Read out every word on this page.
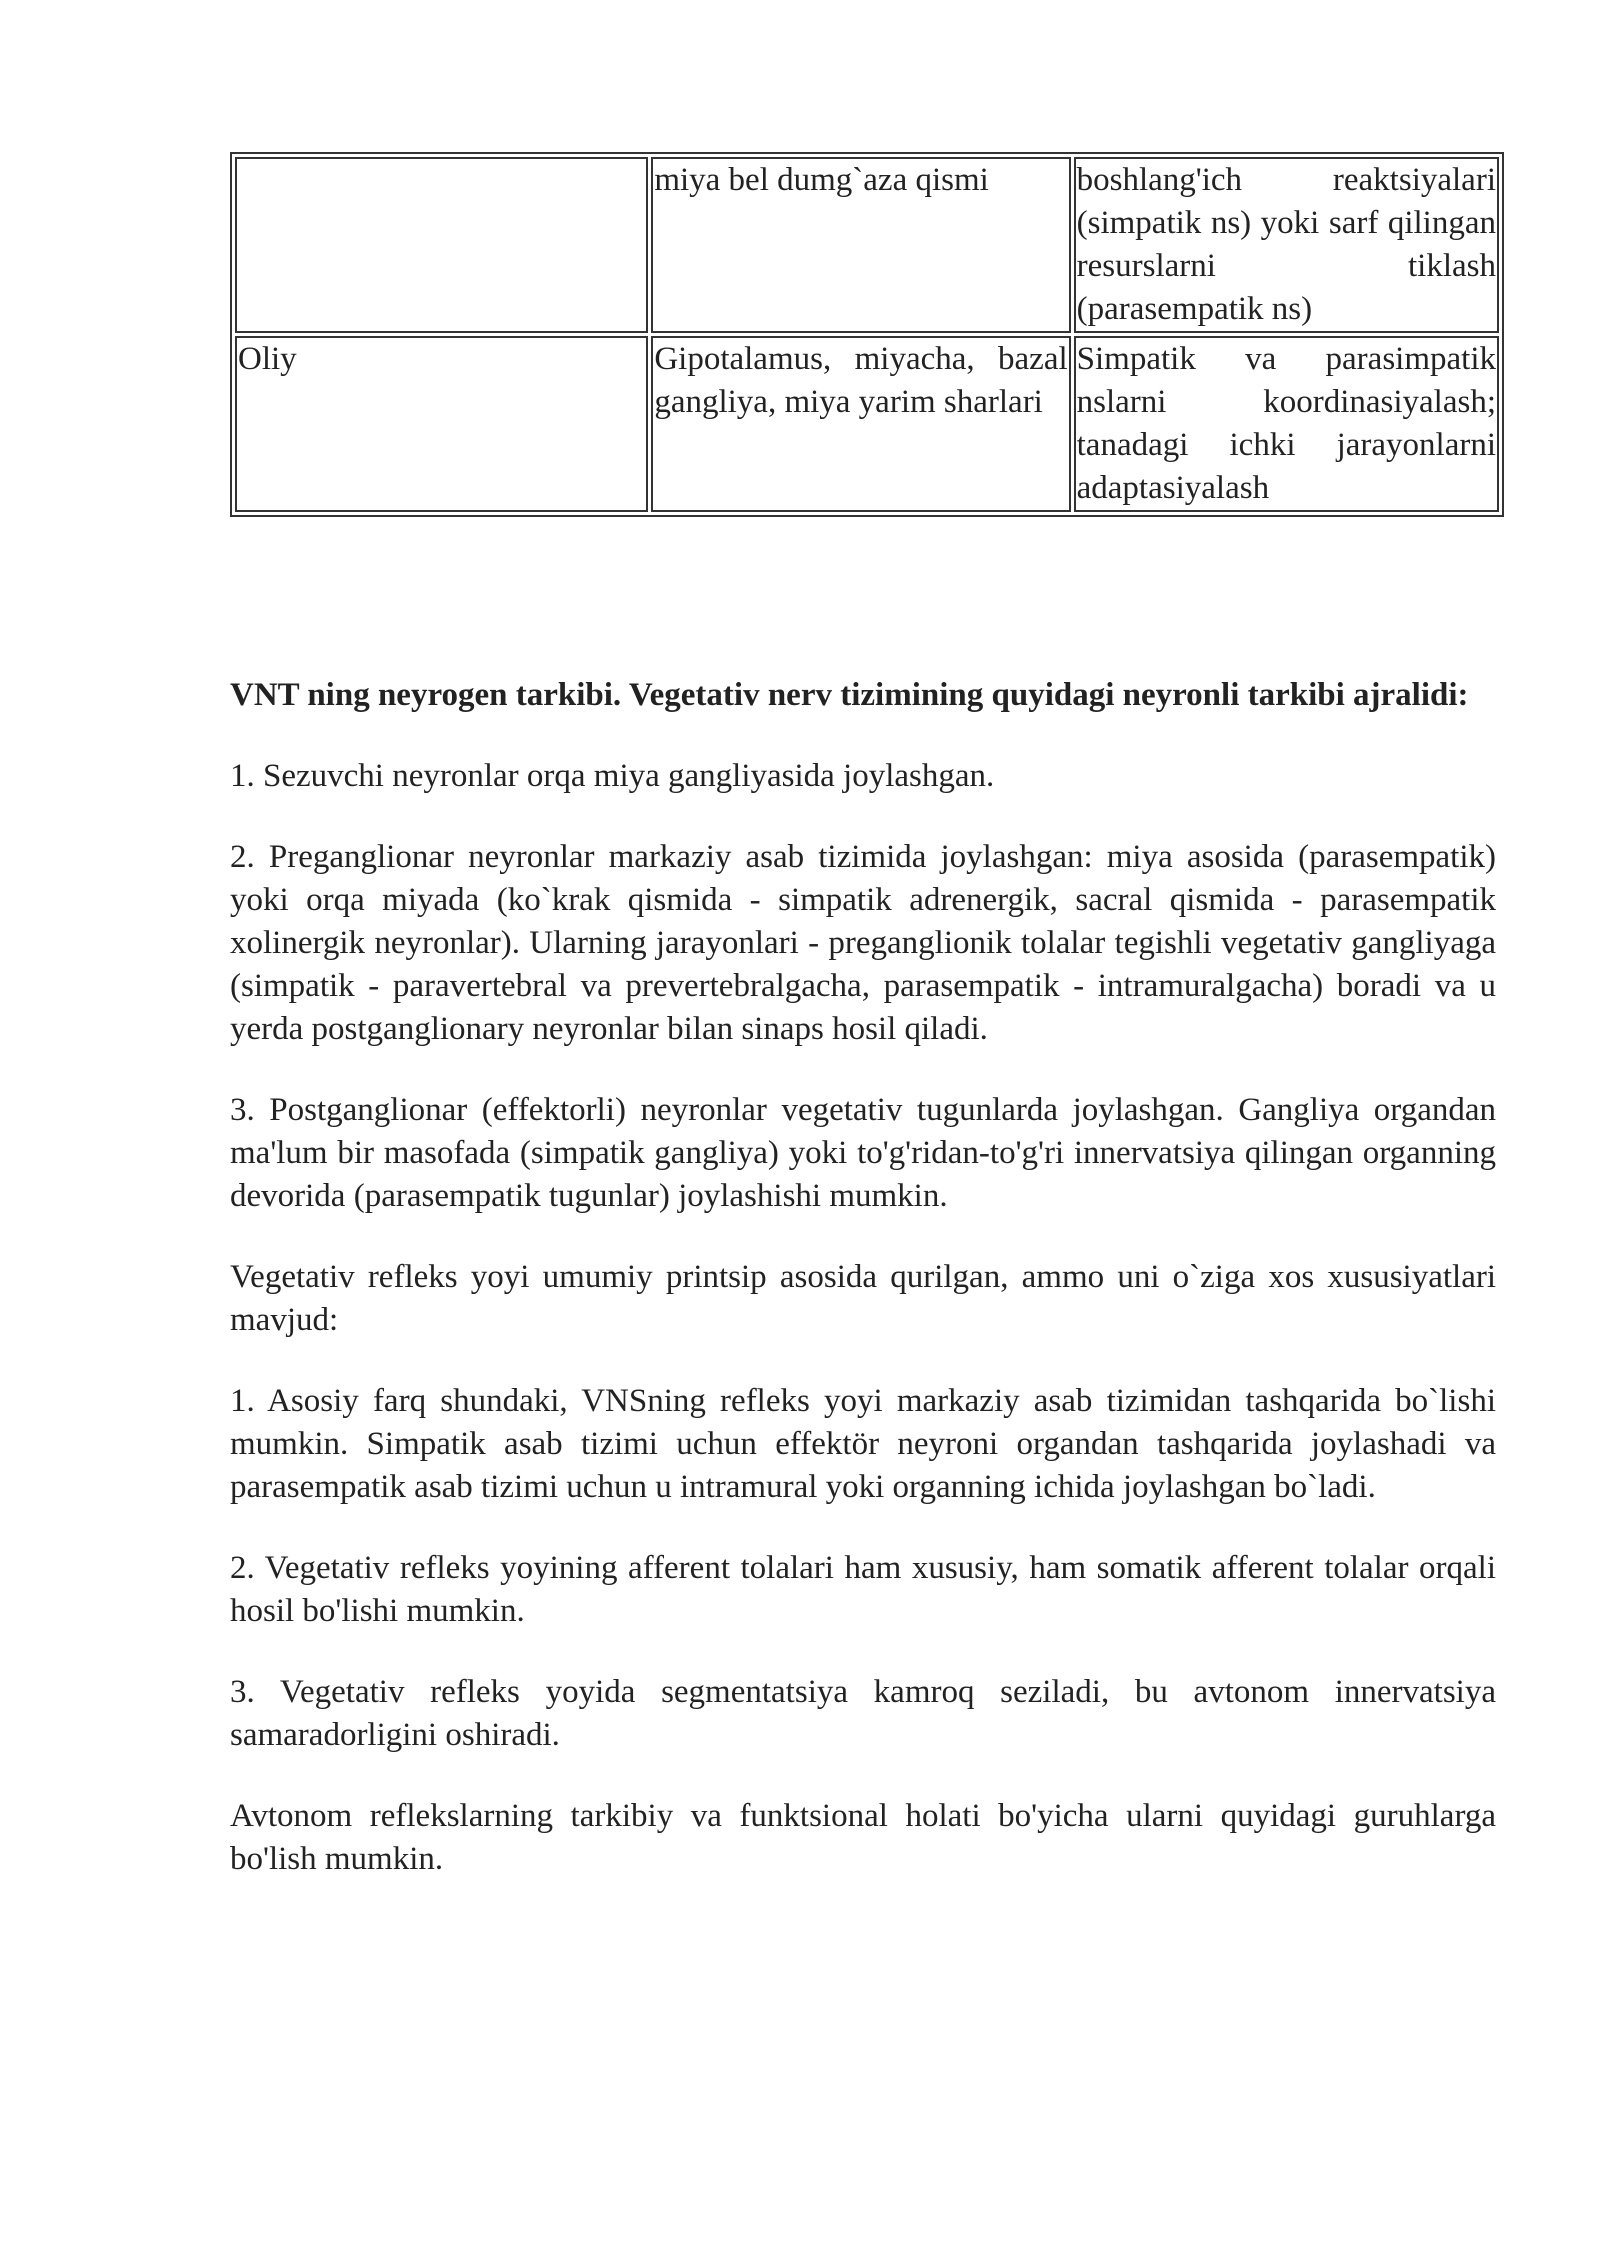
	miya bel dumg`aza qismi	boshlang'ich reaktsiyalari (simpatik ns) yoki sarf qilingan resurslarni tiklash (parasempatik ns)
Oliy	Gipotalamus, miyacha, bazal gangliya, miya yarim sharlari	Simpatik va parasimpatik nslarni koordinasiyalash; tanadagi ichki jarayonlarni adaptasiyalash
VNT ning neyrogen tarkibi. Vegetativ nerv tizimining quyidagi neyronli tarkibi ajralidi:

1. Sezuvchi neyronlar orqa miya gangliyasida joylashgan.

2. Preganglionar neyronlar markaziy asab tizimida joylashgan: miya asosida (parasempatik) yoki orqa miyada (ko`krak qismida - simpatik adrenergik, sacral qismida - parasempatik xolinergik neyronlar). Ularning jarayonlari - preganglionik tolalar tegishli vegetativ gangliyaga (simpatik - paravertebral va prevertebralgacha, parasempatik - intramuralgacha) boradi va u yerda postganglionary neyronlar bilan sinaps hosil qiladi.

3. Postganglionar (effektorli) neyronlar vegetativ tugunlarda joylashgan. Gangliya organdan ma'lum bir masofada (simpatik gangliya) yoki to'g'ridan-to'g'ri innervatsiya qilingan organning devorida (parasempatik tugunlar) joylashishi mumkin.

Vegetativ refleks yoyi umumiy printsip asosida qurilgan, ammo uni o`ziga xos xususiyatlari mavjud:

1. Asosiy farq shundaki, VNSning refleks yoyi markaziy asab tizimidan tashqarida bo`lishi mumkin. Simpatik asab tizimi uchun effektör neyroni organdan tashqarida joylashadi va parasempatik asab tizimi uchun u intramural yoki organning ichida joylashgan bo`ladi.

2. Vegetativ refleks yoyining afferent tolalari ham xususiy, ham somatik afferent tolalar orqali hosil bo'lishi mumkin.

3. Vegetativ refleks yoyida segmentatsiya kamroq seziladi, bu avtonom innervatsiya samaradorligini oshiradi.

Avtonom reflekslarning tarkibiy va funktsional holati bo'yicha ularni quyidagi guruhlarga bo'lish mumkin.
